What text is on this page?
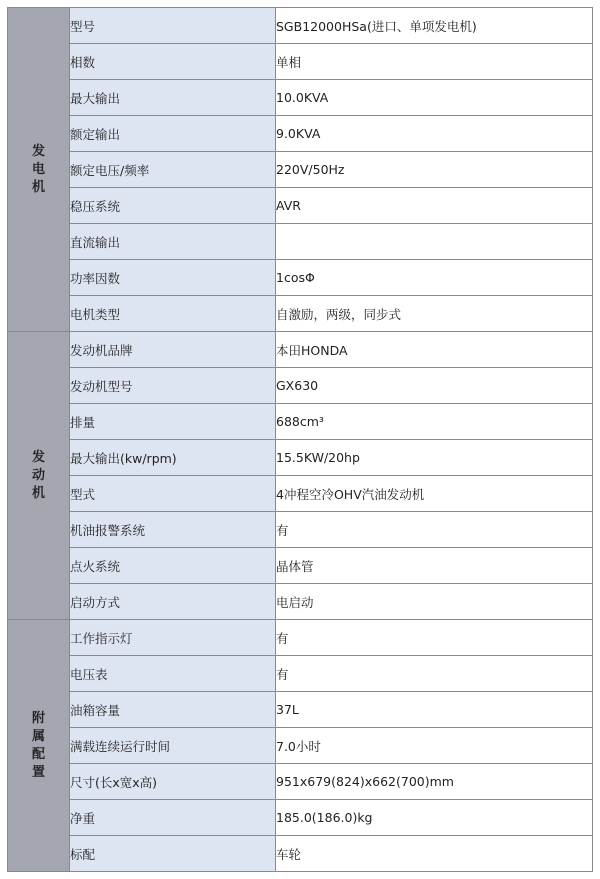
发电机	型号	SGB12000HSa(进口、单项发电机)
	相数	单相
	最大输出	10.0KVA
	额定输出	9.0KVA
	额定电压/频率	220V/50Hz
	稳压系统	AVR
	直流输出	
	功率因数	1cosΦ
	电机类型	自激励，两级，同步式
发动机	发动机品牌	本田HONDA
	发动机型号	GX630
	排量	688cm³
	最大输出(kw/rpm)	15.5KW/20hp
	型式	4冲程空冷OHV汽油发动机
	机油报警系统	有
	点火系统	晶体管
	启动方式	电启动
附属配置	工作指示灯	有
	电压表	有
	油箱容量	37L
	满载连续运行时间	7.0小时
	尺寸(长x宽x高)	951x679(824)x662(700)mm
	净重	185.0(186.0)kg
	标配	车轮
